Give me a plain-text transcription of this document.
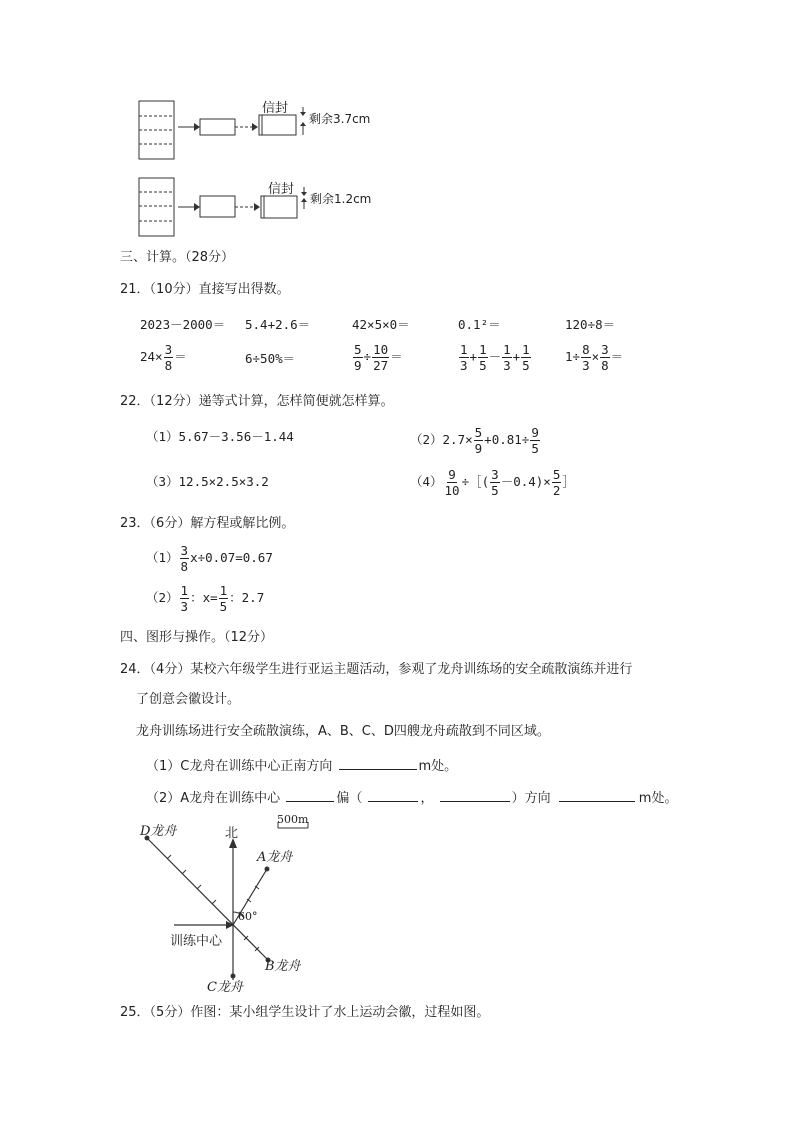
信封
剩余3.7cm
信封
剩余1.2cm
三、计算。（28分）
21．（10分）直接写出得数。
2023－2000＝ 5.4+2.6＝	42×5×0＝	0.1²＝	120÷8＝
$24\times \frac{3}{8}$ ＝	6÷50%＝	$\frac{5}{9} \div \frac{10}{27}$ ＝	$\frac{1}{3} + \frac{1}{5} - \frac{1}{3} + \frac{1}{5}$	$1\div \frac{8}{3} \times \frac{3}{8}$ ＝
22．（12分）递等式计算，怎样简便就怎样算。
（1）5.67－3.56－1.44	$(2)2.7\times \frac{5}{9} +0.81\div \frac{9}{5}$
（3）12.5×2.5×3.2	$(4) \frac{9}{10}$ ÷［( $\frac{3}{5} -0.4)\times \frac{5}{2}$ ］
23．（6分）解方程或解比例。
$(1) \frac{3}{8} x\div 0.07=0.67$
$(2) \frac{1}{3}$ ：$x= \frac{1}{5}$ ：2.7
四、图形与操作。（12分）
24．（4分）某校六年级学生进行亚运主题活动，参观了龙舟训练场的安全疏散演练并进行
了创意会徽设计。
龙舟训练场进行安全疏散演练，A、B、C、D四艘龙舟疏散到不同区域。
（1）C龙舟在训练中心正南方向	m处。
（2）A龙舟在训练中心	偏（	，	）方向	m处。
北
500m
D龙舟
A龙舟
60°
训练中心
B龙舟
C龙舟
25．（5分）作图：某小组学生设计了水上运动会徽，过程如图。
